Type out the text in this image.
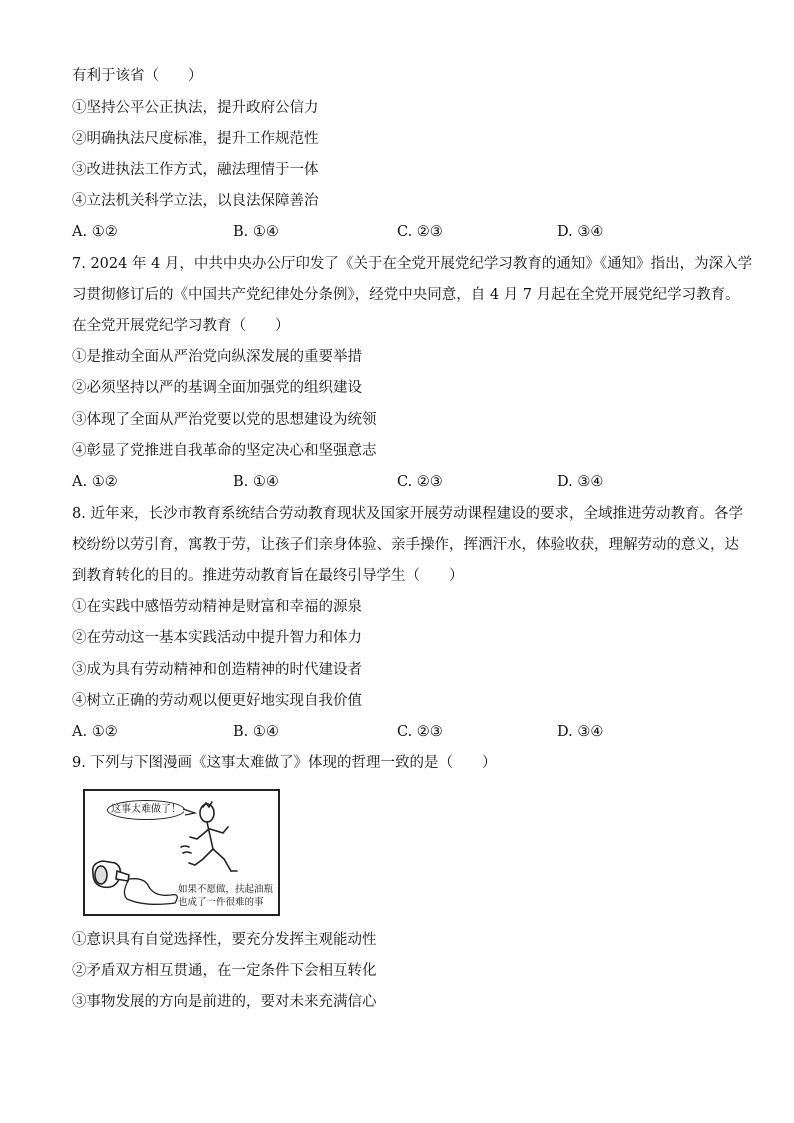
有利于该省（　　）
①坚持公平公正执法，提升政府公信力
②明确执法尺度标准，提升工作规范性
③改进执法工作方式，融法理情于一体
④立法机关科学立法，以良法保障善治
A. ①②	B. ①④	C. ②③	D. ③④
7. 2024 年 4 月，中共中央办公厅印发了《关于在全党开展党纪学习教育的通知》《通知》指出，为深入学
习贯彻修订后的《中国共产党纪律处分条例》，经党中央同意，自 4 月 7 月起在全党开展党纪学习教育。
在全党开展党纪学习教育（　　）
①是推动全面从严治党向纵深发展的重要举措
②必须坚持以严的基调全面加强党的组织建设
③体现了全面从严治党要以党的思想建设为统领
④彰显了党推进自我革命的坚定决心和坚强意志
A. ①②	B. ①④	C. ②③	D. ③④
8. 近年来，长沙市教育系统结合劳动教育现状及国家开展劳动课程建设的要求，全域推进劳动教育。各学
校纷纷以劳引育，寓教于劳，让孩子们亲身体验、亲手操作，挥洒汗水，体验收获，理解劳动的意义，达
到教育转化的目的。推进劳动教育旨在最终引导学生（　　）
①在实践中感悟劳动精神是财富和幸福的源泉
②在劳动这一基本实践活动中提升智力和体力
③成为具有劳动精神和创造精神的时代建设者
④树立正确的劳动观以便更好地实现自我价值
A. ①②	B. ①④	C. ②③	D. ③④
9. 下列与下图漫画《这事太难做了》体现的哲理一致的是（　　）
这事太难做了！
如果不愿做，扶起油瓶
也成了一件很难的事
①意识具有自觉选择性，要充分发挥主观能动性
②矛盾双方相互贯通，在一定条件下会相互转化
③事物发展的方向是前进的，要对未来充满信心
